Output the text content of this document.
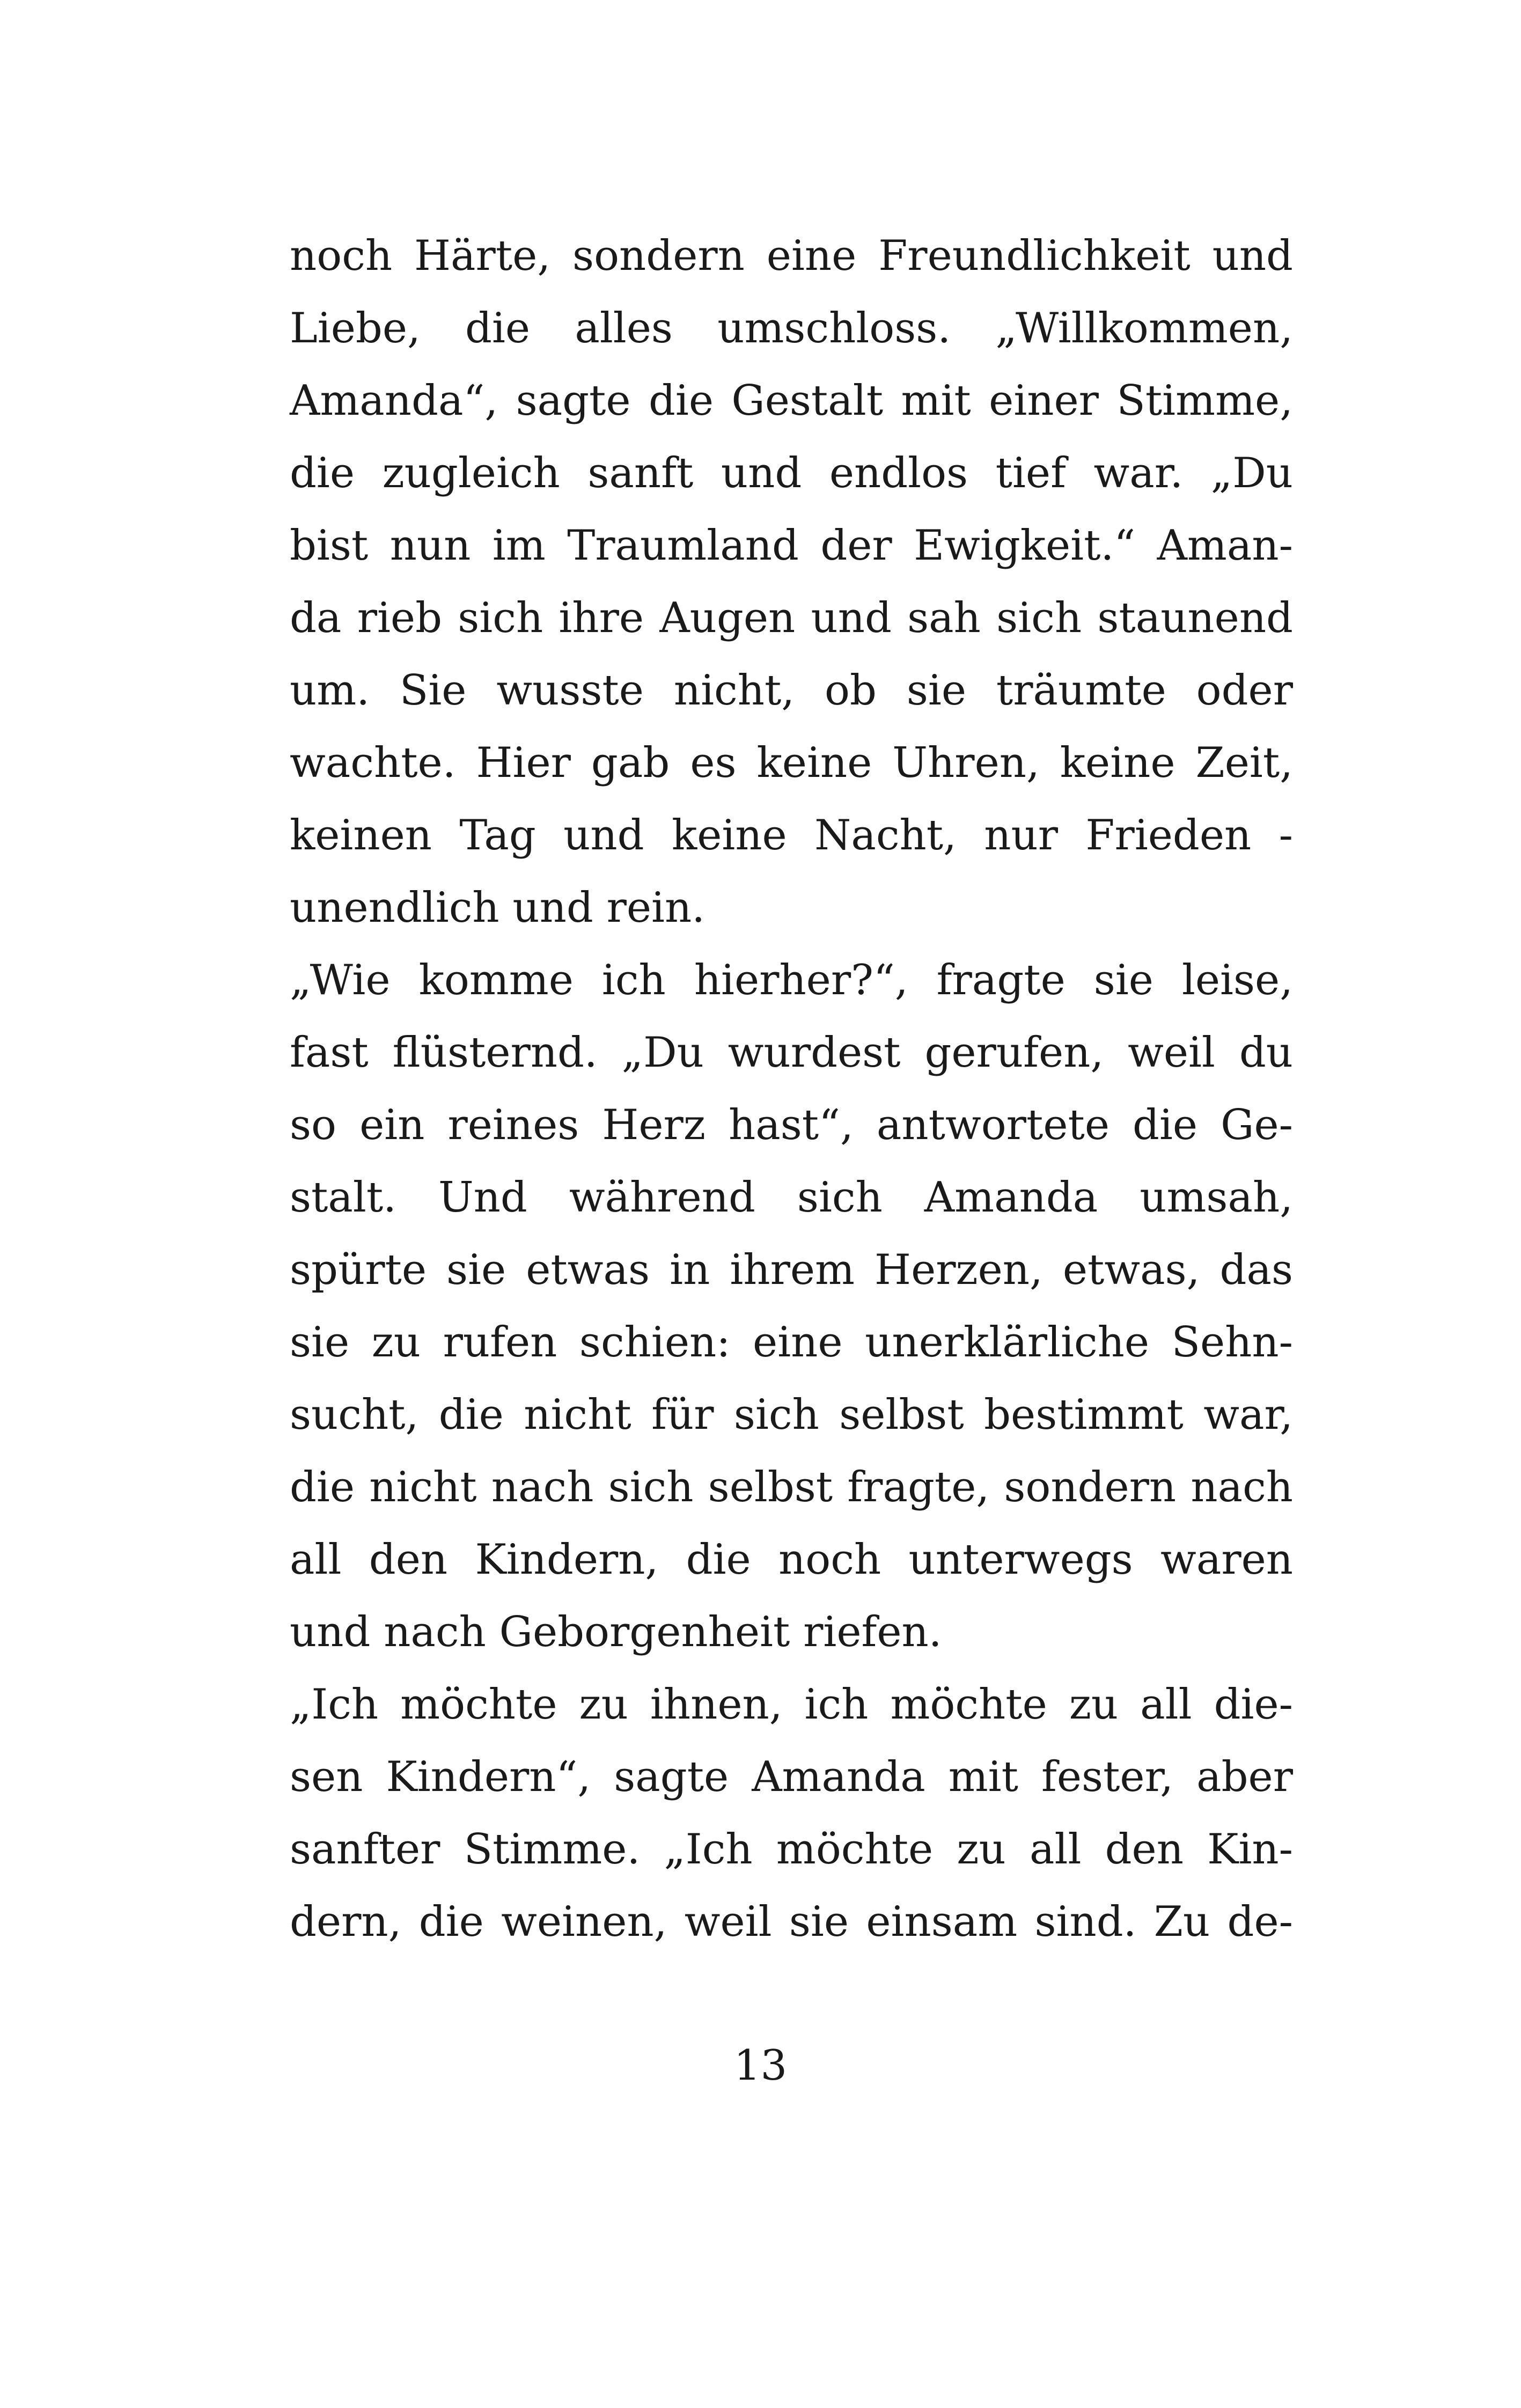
noch Härte, sondern eine Freundlichkeit und
Liebe, die alles umschloss. „Willkommen,
Amanda“, sagte die Gestalt mit einer Stimme,
die zugleich sanft und endlos tief war. „Du
bist nun im Traumland der Ewigkeit.“ Aman-
da rieb sich ihre Augen und sah sich staunend
um. Sie wusste nicht, ob sie träumte oder
wachte. Hier gab es keine Uhren, keine Zeit,
keinen Tag und keine Nacht, nur Frieden -
unendlich und rein.
„Wie komme ich hierher?“, fragte sie leise,
fast flüsternd. „Du wurdest gerufen, weil du
so ein reines Herz hast“, antwortete die Ge-
stalt. Und während sich Amanda umsah,
spürte sie etwas in ihrem Herzen, etwas, das
sie zu rufen schien: eine unerklärliche Sehn-
sucht, die nicht für sich selbst bestimmt war,
die nicht nach sich selbst fragte, sondern nach
all den Kindern, die noch unterwegs waren
und nach Geborgenheit riefen.
„Ich möchte zu ihnen, ich möchte zu all die-
sen Kindern“, sagte Amanda mit fester, aber
sanfter Stimme. „Ich möchte zu all den Kin-
dern, die weinen, weil sie einsam sind. Zu de-
13
